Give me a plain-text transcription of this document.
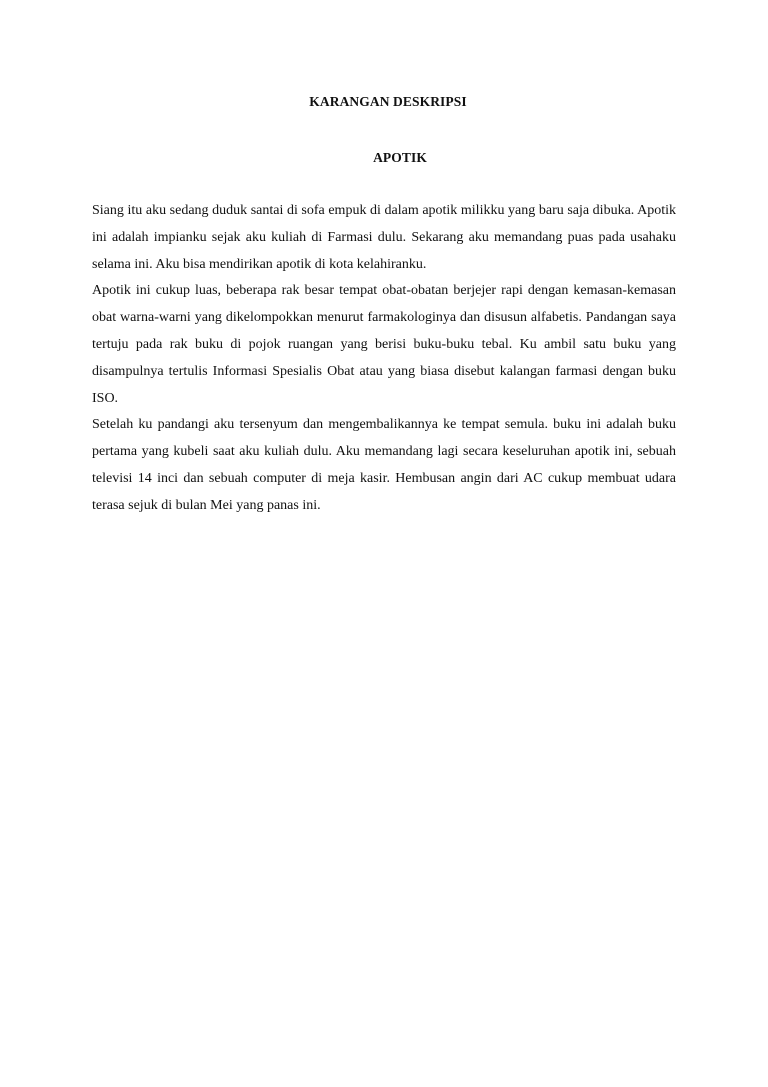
KARANGAN DESKRIPSI
APOTIK

Siang itu aku sedang duduk santai di sofa empuk di dalam apotik milikku yang baru saja dibuka. Apotik ini adalah impianku sejak aku kuliah di Farmasi dulu. Sekarang aku memandang puas pada usahaku selama ini. Aku bisa mendirikan apotik di kota kelahiranku.

Apotik ini cukup luas, beberapa rak besar tempat obat-obatan berjejer rapi dengan kemasan-kemasan obat warna-warni yang dikelompokkan menurut farmakologinya dan disusun alfabetis. Pandangan saya tertuju pada rak buku di pojok ruangan yang berisi buku-buku tebal. Ku ambil satu buku yang disampulnya tertulis Informasi Spesialis Obat atau yang biasa disebut kalangan farmasi dengan buku ISO.

Setelah ku pandangi aku tersenyum dan mengembalikannya ke tempat semula. buku ini adalah buku pertama yang kubeli saat aku kuliah dulu. Aku memandang lagi secara keseluruhan apotik ini, sebuah televisi 14 inci dan sebuah computer di meja kasir. Hembusan angin dari AC cukup membuat udara terasa sejuk di bulan Mei yang panas ini.
